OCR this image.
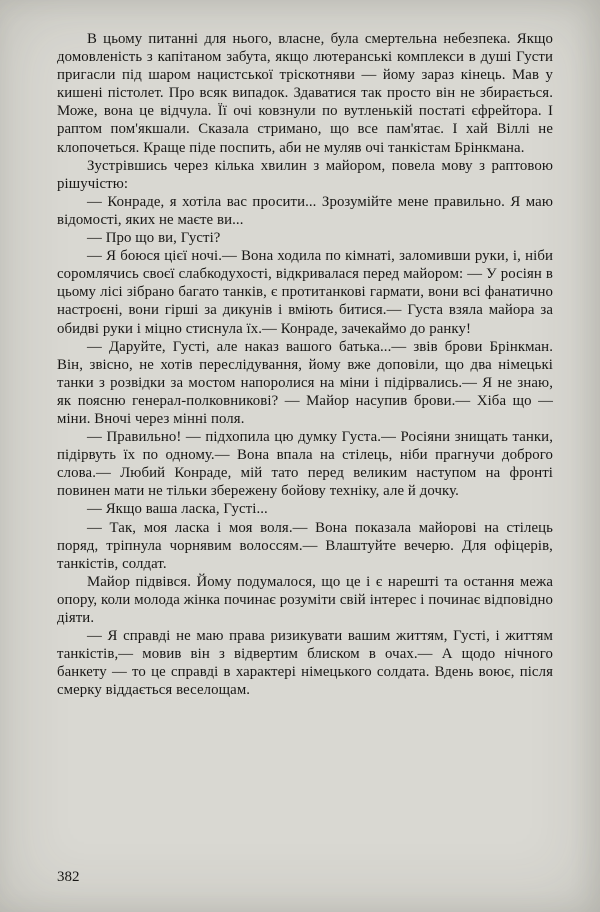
В цьому питанні для нього, власне, була смертельна небезпека. Якщо домовленість з капітаном забута, якщо лютеранські комплекси в душі Густи пригасли під шаром нацистської тріскотняви — йому зараз кінець. Мав у кишені пістолет. Про всяк випадок. Здаватися так просто він не збирається. Може, вона це відчула. Її очі ковзнули по вутленькій постаті єфрейтора. І раптом пом'якшали. Сказала стримано, що все пам'ятає. І хай Віллі не клопочеться. Краще піде поспить, аби не муляв очі танкістам Брінкмана.

Зустрівшись через кілька хвилин з майором, повела мову з раптовою рішучістю:

— Конраде, я хотіла вас просити... Зрозумійте мене правильно. Я маю відомості, яких не маєте ви...

— Про що ви, Густі?

— Я боюся цієї ночі.— Вона ходила по кімнаті, заломивши руки, і, ніби соромлячись своєї слабкодухості, відкривалася перед майором: — У росіян в цьому лісі зібрано багато танків, є протитанкові гармати, вони всі фанатично настроєні, вони гірші за дикунів і вміють битися.— Густа взяла майора за обидві руки і міцно стиснула їх.— Конраде, зачекаймо до ранку!

— Даруйте, Густі, але наказ вашого батька...— звів брови Брінкман. Він, звісно, не хотів переслідування, йому вже доповіли, що два німецькі танки з розвідки за мостом напоролися на міни і підірвались.— Я не знаю, як поясню генерал-полковникові? — Майор насупив брови.— Хіба що — міни. Вночі через мінні поля.

— Правильно! — підхопила цю думку Густа.— Росіяни знищать танки, підірвуть їх по одному.— Вона впала на стілець, ніби прагнучи доброго слова.— Любий Конраде, мій тато перед великим наступом на фронті повинен мати не тільки збережену бойову техніку, але й дочку.

— Якщо ваша ласка, Густі...

— Так, моя ласка і моя воля.— Вона показала майорові на стілець поряд, тріпнула чорнявим волоссям.— Влаштуйте вечерю. Для офіцерів, танкістів, солдат.

Майор підвівся. Йому подумалося, що це і є нарешті та остання межа опору, коли молода жінка починає розуміти свій інтерес і починає відповідно діяти.

— Я справді не маю права ризикувати вашим життям, Густі, і життям танкістів,— мовив він з відвертим блиском в очах.— А щодо нічного банкету — то це справді в характері німецького солдата. Вдень воює, після смерку віддається веселощам.

382
